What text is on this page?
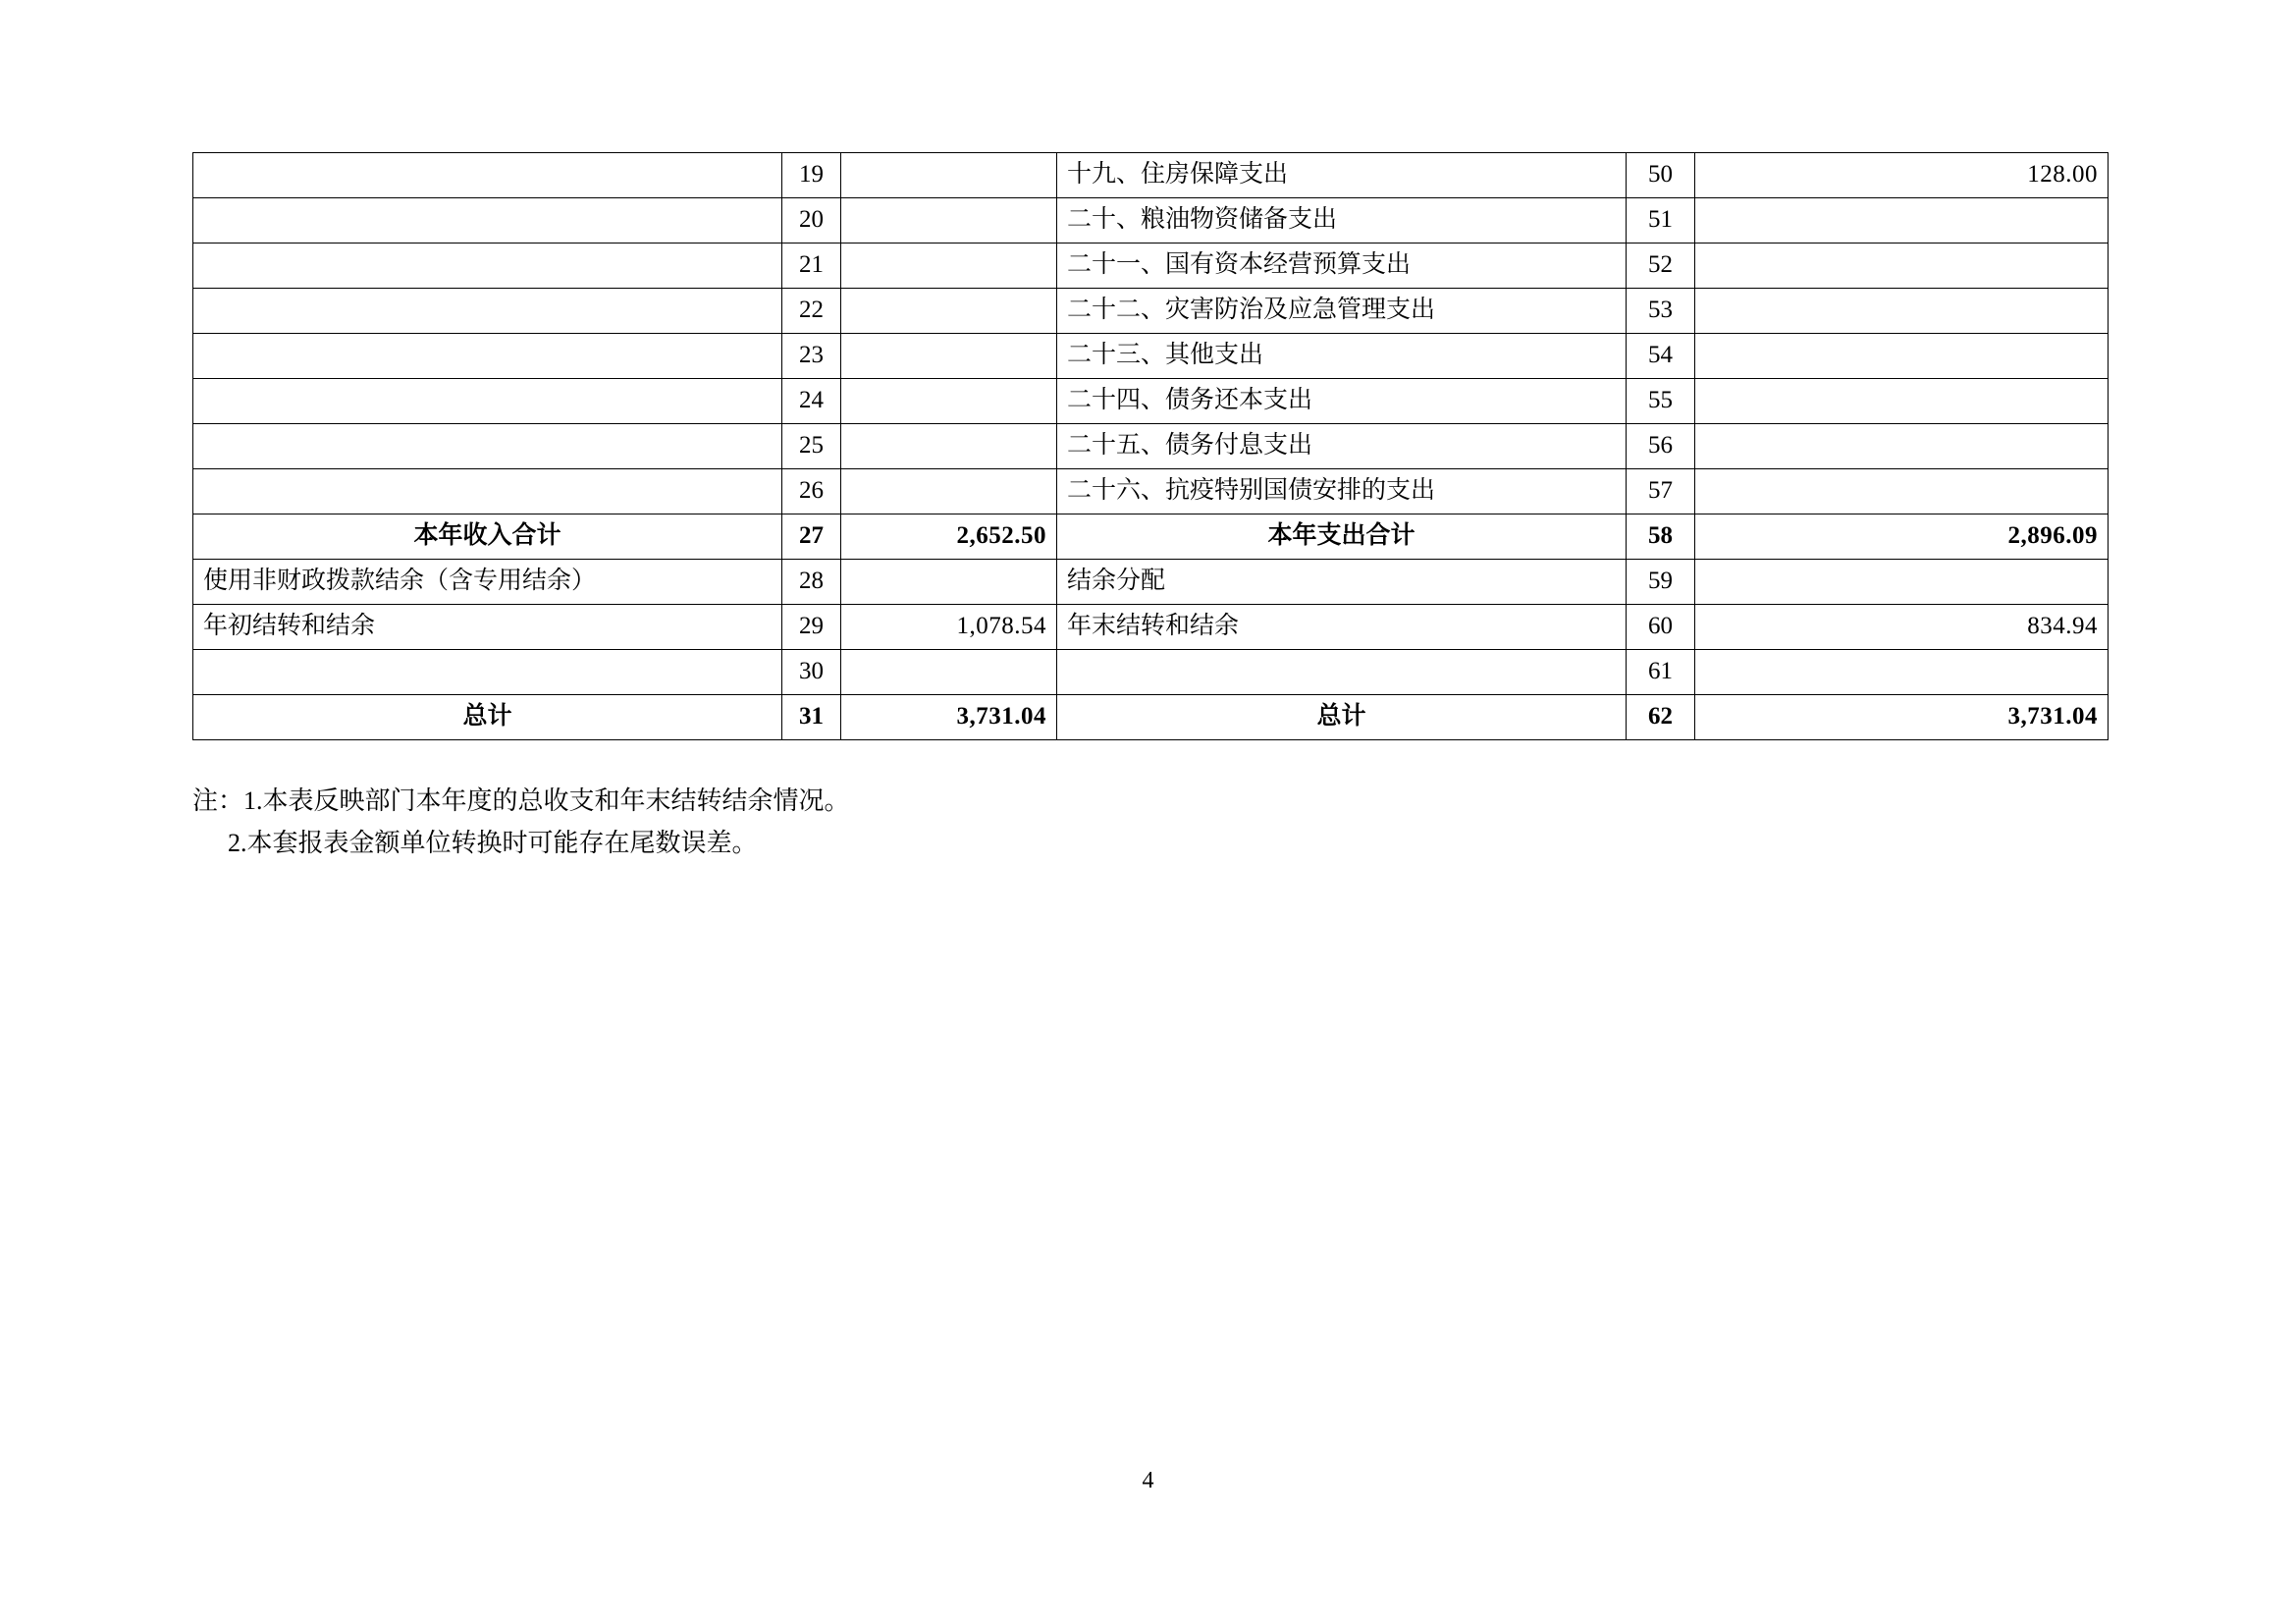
	19		十九、住房保障支出	50	128.00
	20		二十、粮油物资储备支出	51	
	21		二十一、国有资本经营预算支出	52	
	22		二十二、灾害防治及应急管理支出	53	
	23		二十三、其他支出	54	
	24		二十四、债务还本支出	55	
	25		二十五、债务付息支出	56	
	26		二十六、抗疫特别国债安排的支出	57	
本年收入合计	27	2,652.50	本年支出合计	58	2,896.09
使用非财政拨款结余（含专用结余）	28		结余分配	59	
年初结转和结余	29	1,078.54	年末结转和结余	60	834.94
	30			61	
总计	31	3,731.04	总计	62	3,731.04
注：1.本表反映部门本年度的总收支和年末结转结余情况。
2.本套报表金额单位转换时可能存在尾数误差。
4
